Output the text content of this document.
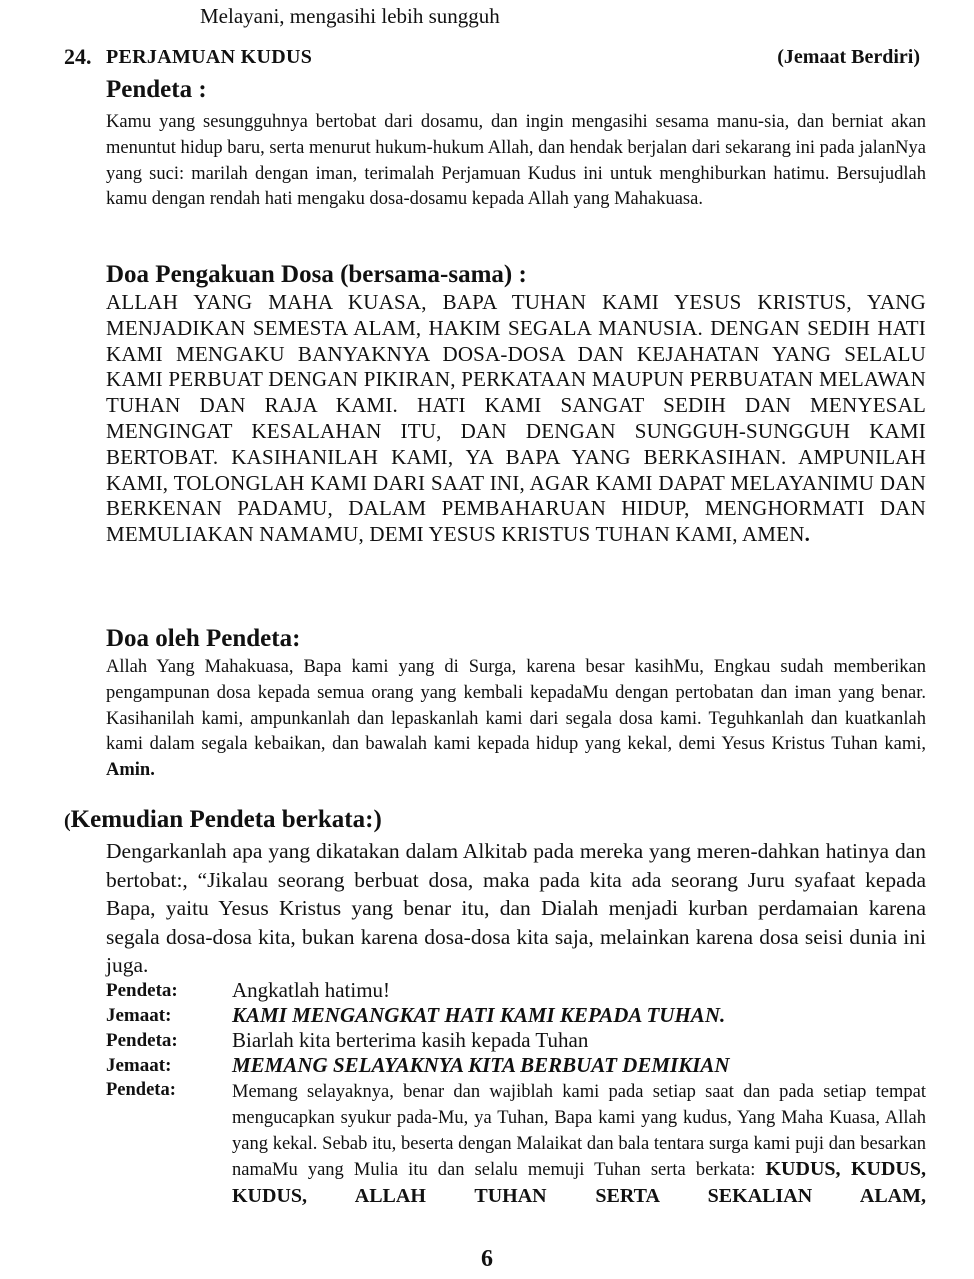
Melayani, mengasihi lebih sungguh
24. PERJAMUAN KUDUS	(Jemaat Berdiri)
Pendeta :
Kamu yang sesungguhnya bertobat dari dosamu, dan ingin mengasihi sesama manu-sia, dan berniat akan menuntut hidup baru, serta menurut hukum-hukum Allah, dan hendak berjalan dari sekarang ini pada jalanNya yang suci: marilah dengan iman, terimalah Perjamuan Kudus ini untuk menghiburkan hatimu. Bersujudlah kamu dengan rendah hati mengaku dosa-dosamu kepada Allah yang Mahakuasa.
Doa Pengakuan Dosa (bersama-sama) :
ALLAH YANG MAHA KUASA, BAPA TUHAN KAMI YESUS KRISTUS, YANG MENJADIKAN SEMESTA ALAM, HAKIM SEGALA MANUSIA. DENGAN SEDIH HATI KAMI MENGAKU BANYAKNYA DOSA-DOSA DAN KEJAHATAN YANG SELALU KAMI PERBUAT DENGAN PIKIRAN, PERKATAAN MAUPUN PERBUATAN MELAWAN TUHAN DAN RAJA KAMI. HATI KAMI SANGAT SEDIH DAN MENYESAL MENGINGAT KESALAHAN ITU, DAN DENGAN SUNGGUH-SUNGGUH KAMI BERTOBAT. KASIHANILAH KAMI, YA BAPA YANG BERKASIHAN. AMPUNILAH KAMI, TOLONGLAH KAMI DARI SAAT INI, AGAR KAMI DAPAT MELAYANIMU DAN BERKENAN PADAMU, DALAM PEMBAHARUAN HIDUP, MENGHORMATI DAN MEMULIAKAN NAMAMU, DEMI YESUS KRISTUS TUHAN KAMI, AMEN.
Doa oleh Pendeta:
Allah Yang Mahakuasa, Bapa kami yang di Surga, karena besar kasihMu, Engkau sudah memberikan pengampunan dosa kepada semua orang yang kembali kepadaMu dengan pertobatan dan iman yang benar. Kasihanilah kami, ampunkanlah dan lepaskanlah kami dari segala dosa kami. Teguhkanlah dan kuatkanlah kami dalam segala kebaikan, dan bawalah kami kepada hidup yang kekal, demi Yesus Kristus Tuhan kami, Amin.
(Kemudian Pendeta berkata:)
Dengarkanlah apa yang dikatakan dalam Alkitab pada mereka yang meren-dahkan hatinya dan bertobat:, “Jikalau seorang berbuat dosa, maka pada kita ada seorang Juru syafaat kepada Bapa, yaitu Yesus Kristus yang benar itu, dan Dialah menjadi kurban perdamaian karena segala dosa-dosa kita, bukan karena dosa-dosa kita saja, melainkan karena dosa seisi dunia ini juga.
Pendeta:	Angkatlah hatimu!
Jemaat:	KAMI MENGANGKAT HATI KAMI KEPADA TUHAN.
Pendeta:	Biarlah kita berterima kasih kepada Tuhan
Jemaat:	MEMANG SELAYAKNYA KITA BERBUAT DEMIKIAN
Pendeta:	Memang selayaknya, benar dan wajiblah kami pada setiap saat dan pada setiap tempat mengucapkan syukur pada-Mu, ya Tuhan, Bapa kami yang kudus, Yang Maha Kuasa, Allah yang kekal. Sebab itu, beserta dengan Malaikat dan bala tentara surga kami puji dan besarkan namaMu yang Mulia itu dan selalu memuji Tuhan serta berkata: KUDUS, KUDUS, KUDUS, ALLAH TUHAN SERTA SEKALIAN ALAM,
6
